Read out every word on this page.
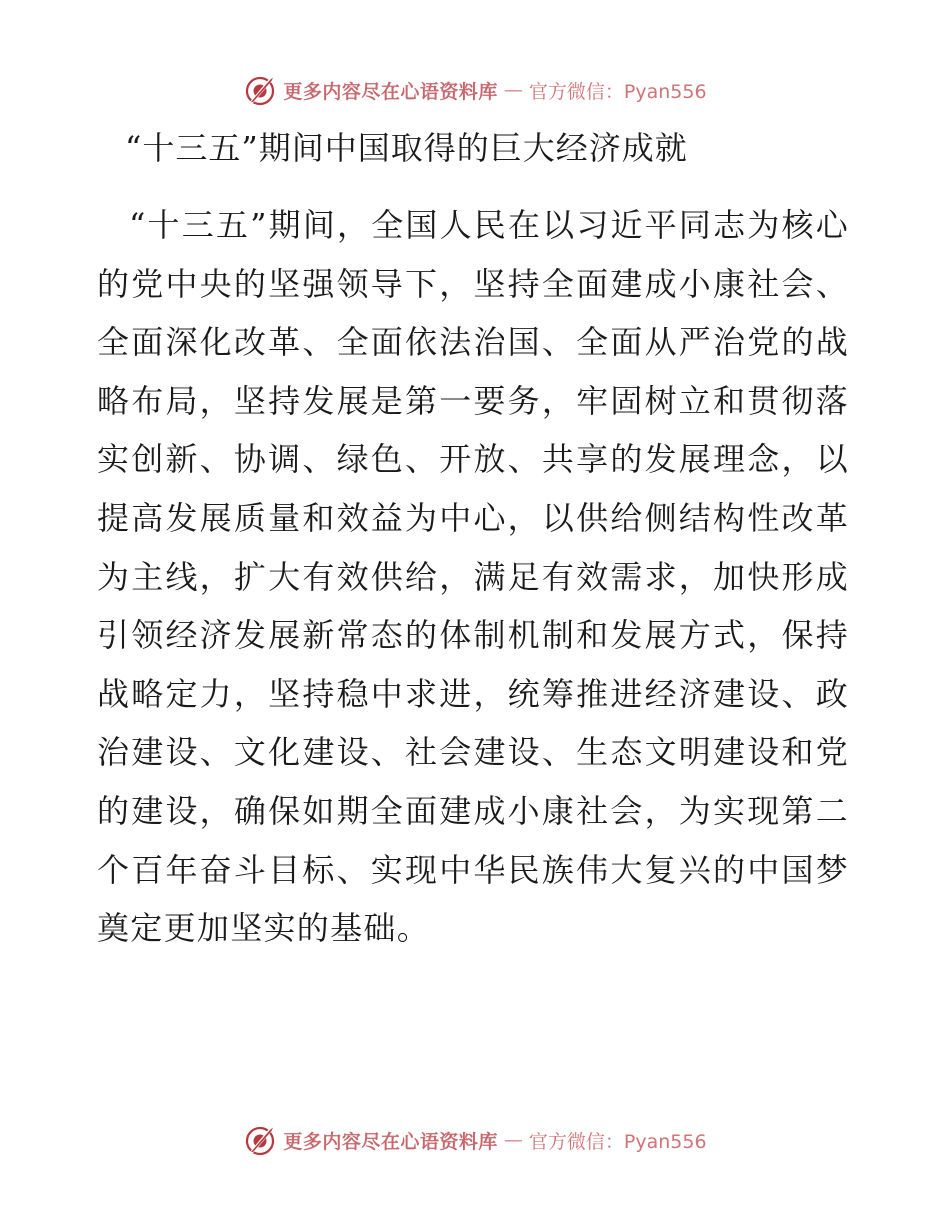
更多内容尽在心语资料库 — 官方微信：Pyan556
“十三五”期间中国取得的巨大经济成就

“十三五”期间，全国人民在以习近平同志为核心的党中央的坚强领导下，坚持全面建成小康社会、全面深化改革、全面依法治国、全面从严治党的战略布局，坚持发展是第一要务，牢固树立和贯彻落实创新、协调、绿色、开放、共享的发展理念，以提高发展质量和效益为中心，以供给侧结构性改革为主线，扩大有效供给，满足有效需求，加快形成引领经济发展新常态的体制机制和发展方式，保持战略定力，坚持稳中求进，统筹推进经济建设、政治建设、文化建设、社会建设、生态文明建设和党的建设，确保如期全面建成小康社会，为实现第二个百年奋斗目标、实现中华民族伟大复兴的中国梦奠定更加坚实的基础。

更多内容尽在心语资料库 — 官方微信：Pyan556
